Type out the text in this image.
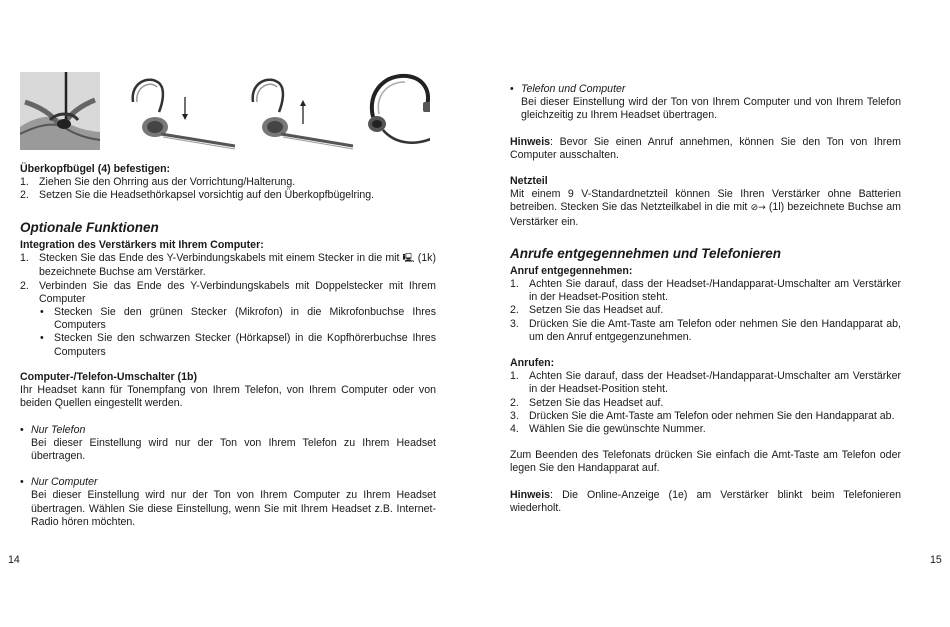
Überkopfbügel (4) befestigen:
1. Ziehen Sie den Ohrring aus der Vorrichtung/Halterung.
2. Setzen Sie die Headsethörkapsel vorsichtig auf den Überkopfbügelring.
Optionale Funktionen
Integration des Verstärkers mit Ihrem Computer:
1. Stecken Sie das Ende des Y-Verbindungskabels mit einem Stecker in die mit 🖳 (1k) bezeichnete Buchse am Verstärker.
2. Verbinden Sie das Ende des Y-Verbindungskabels mit Doppelstecker mit Ihrem Computer
• Stecken Sie den grünen Stecker (Mikrofon) in die Mikrofonbuchse Ihres Computers
• Stecken Sie den schwarzen Stecker (Hörkapsel) in die Kopfhörerbuchse Ihres Computers
Computer-/Telefon-Umschalter (1b)

Ihr Headset kann für Tonempfang von Ihrem Telefon, von Ihrem Computer oder von beiden Quellen eingestellt werden.

• Nur Telefon
Bei dieser Einstellung wird nur der Ton von Ihrem Telefon zu Ihrem Headset übertragen.
• Nur Computer
Bei dieser Einstellung wird nur der Ton von Ihrem Computer zu Ihrem Headset übertragen. Wählen Sie diese Einstellung, wenn Sie mit Ihrem Headset z.B. Internet-Radio hören möchten.
14
• Telefon und Computer
Bei dieser Einstellung wird der Ton von Ihrem Computer und von Ihrem Telefon gleichzeitig zu Ihrem Headset übertragen.

Hinweis: Bevor Sie einen Anruf annehmen, können Sie den Ton von Ihrem Computer ausschalten.

Netzteil

Mit einem 9 V-Standardnetzteil können Sie Ihren Verstärker ohne Batterien betreiben. Stecken Sie das Netzteilkabel in die mit ⊘→ (1l) bezeichnete Buchse am Verstärker ein.

Anrufe entgegennehmen und Telefonieren
Anruf entgegennehmen:
1. Achten Sie darauf, dass der Headset-/Handapparat-Umschalter am Verstärker in der Headset-Position steht.
2. Setzen Sie das Headset auf.
3. Drücken Sie die Amt-Taste am Telefon oder nehmen Sie den Handapparat ab, um den Anruf entgegenzunehmen.
Anrufen:
1. Achten Sie darauf, dass der Headset-/Handapparat-Umschalter am Verstärker in der Headset-Position steht.
2. Setzen Sie das Headset auf.
3. Drücken Sie die Amt-Taste am Telefon oder nehmen Sie den Handapparat ab.
4. Wählen Sie die gewünschte Nummer.

Zum Beenden des Telefonats drücken Sie einfach die Amt-Taste am Telefon oder legen Sie den Handapparat auf.

Hinweis: Die Online-Anzeige (1e) am Verstärker blinkt beim Telefonieren wiederholt.

15
